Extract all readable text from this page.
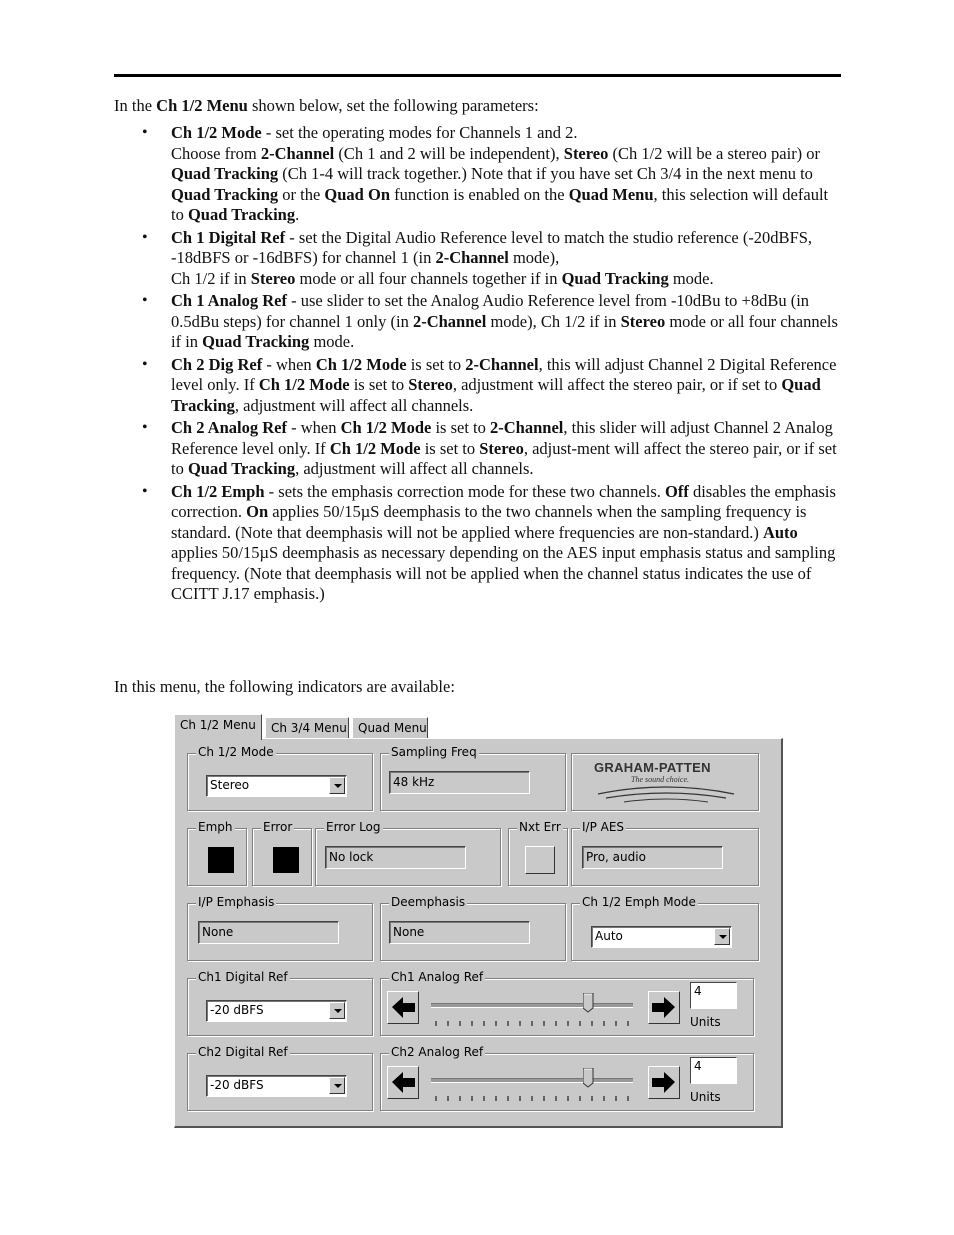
In the Ch 1/2 Menu shown below, set the following parameters:
• Ch 1/2 Mode - set the operating modes for Channels 1 and 2.
Choose from 2-Channel (Ch 1 and 2 will be independent), Stereo (Ch 1/2 will be a stereo pair) or Quad Tracking (Ch 1-4 will track together.) Note that if you have set Ch 3/4 in the next menu to Quad Tracking or the Quad On function is enabled on the Quad Menu, this selection will default to Quad Tracking.
• Ch 1 Digital Ref - set the Digital Audio Reference level to match the studio reference (-20dBFS, -18dBFS or -16dBFS) for channel 1 (in 2-Channel mode),
Ch 1/2 if in Stereo mode or all four channels together if in Quad Tracking mode.
• Ch 1 Analog Ref - use slider to set the Analog Audio Reference level from -10dBu to +8dBu (in 0.5dBu steps) for channel 1 only (in 2-Channel mode), Ch 1/2 if in Stereo mode or all four channels if in Quad Tracking mode.
• Ch 2 Dig Ref - when Ch 1/2 Mode is set to 2-Channel, this will adjust Channel 2 Digital Reference level only. If Ch 1/2 Mode is set to Stereo, adjustment will affect the stereo pair, or if set to Quad Tracking, adjustment will affect all channels.
• Ch 2 Analog Ref - when Ch 1/2 Mode is set to 2-Channel, this slider will adjust Channel 2 Analog Reference level only. If Ch 1/2 Mode is set to Stereo, adjust-ment will affect the stereo pair, or if set to Quad Tracking, adjustment will affect all channels.
• Ch 1/2 Emph - sets the emphasis correction mode for these two channels. Off disables the emphasis correction. On applies 50/15µS deemphasis to the two channels when the sampling frequency is standard. (Note that deemphasis will not be applied where frequencies are non-standard.) Auto applies 50/15µS deemphasis as necessary depending on the AES input emphasis status and sampling frequency. (Note that deemphasis will not be applied when the channel status indicates the use of CCITT J.17 emphasis.)
In this menu, the following indicators are available:
Ch 1/2 Menu	Ch 3/4 Menu Quad Menu
Ch 1/2 Mode
Stereo
Sampling Freq
48 kHz
GRAHAM-PATTEN
The sound choice.
Emph	Error	Error Log
No lock
Nxt Err I/P AES
Pro, audio
I/P Emphasis
None
Deemphasis
None
Ch 1/2 Emph Mode
Auto
Ch1 Digital Ref
-20 dBFS
Ch1 Analog Ref
4
Units
Ch2 Digital Ref
-20 dBFS
Ch2 Analog Ref
4
Units
